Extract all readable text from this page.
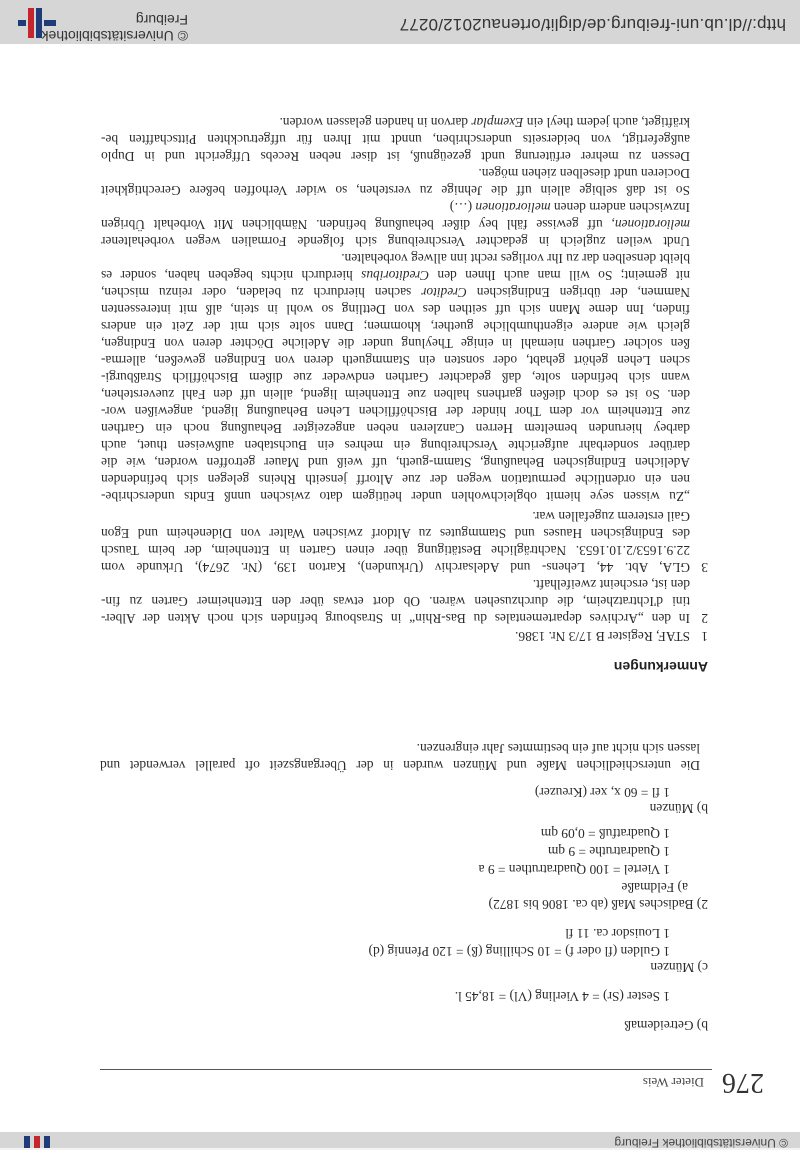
© Universitätsbibliothek Freiburg
276
Dieter Weis
b) Getreidemaß
1 Sester (Sr) = 4 Vierling (Vl) = 18,45 l.
c) Münzen
1 Gulden (fl oder f) = 10 Schilling (ß) = 120 Pfennig (d)
1 Louisdor ca. 11 fl
2) Badisches Maß (ab ca. 1806 bis 1872)
a) Feldmaße
1 Viertel = 100 Quadratruthen = 9 a
1 Quadratruthe = 9 qm
1 Quadratfuß = 0,09 qm
b) Münzen
1 fl = 60 x, xer (Kreuzer)
Die unterschiedlichen Maße und Münzen wurden in der Übergangszeit oft parallel verwendet und
lassen sich nicht auf ein bestimmtes Jahr eingrenzen.
Anmerkungen
1
STAF, Register B 17/3 Nr. 1386.
2
In den „Archives departementales du Bas-Rhin“ in Strasbourg befinden sich noch Akten der Alber-
tini d'Ichtratzheim, die durchzusehen wären. Ob dort etwas über den Ettenheimer Garten zu fin-
den ist, erscheint zweifelhaft.
3
GLA, Abt. 44, Lehens- und Adelsarchiv (Urkunden), Karton 139, (Nr. 2674), Urkunde vom
22.9.1653/2.10.1653. Nachträgliche Bestätigung über einen Garten in Ettenheim, der beim Tausch
des Endingischen Hauses und Stammgutes zu Altdorf zwischen Walter von Dideneheim und Egon
Gail ersterem zugefallen war.
„Zu wissen seye hiemit obgleichwohlen under heütigem dato zwischen unnß Endts underschribe-
nen ein ordentliche permutation wegen der zue Altorff jenseith Rheins gelegen sich befindenden
Adelichen Endingischen Behaußung, Stamm-gueth, uff weiß und Mauer getroffen worden, wie die
darüber sonderbahr aufgerichte Verschreibung ein mehres ein Buchstaben außweisen thuet, auch
darbey hierunden bemeltem Herren Canzleren neben angezeigter Behaußung noch ein Garthen
zue Ettenheim vor dem Thor hinder der Bischöfflichen Lehen Behaußung ligend, angewißen wor-
den. So ist es doch dießen garthens halben zue Ettenheim ligend, allein uff den Fahl zueverstehen,
wann sich befinden solte, daß gedachter Garthen endweder zue dißem Bischöfflich Straßburgi-
schen Lehen gehört gehabt, oder sonsten ein Stammgueth deren von Endingen geweßen, allerma-
ßen solcher Garthen niemahl in einige Theylung under die Adeliche Döchter deren von Endingen,
gleich wie andere eigenthumbliche guether, khommen; Dann solte sich mit der Zeit ein anders
finden, Inn deme Mann sich uff seithen des von Dettling so wohl in stein, alß mit interessenten
Nammen, der übrigen Endingischen Creditor sachen hierdurch zu beladen, oder reinzu mischen,
nit gemeint; So will man auch Ihnen den Creditoribus hierdurch nichts begeben haben, sonder es
bleibt denselben dar zu Ihr vorliges recht inn allweg vorbehalten.
Undt weilen zugleich in gedachter Verschreibung sich folgende Formalien wegen vorbehaltener
meliorationen, uff gewisse fähl bey dißer behaußung befinden. Nämblichen Mit Vorbehalt Übrigen
Inzwischen andern denen meliorationen (…)
So ist daß selbige allein uff die Jehnige zu verstehen, so wider Verhoffen beßere Gerechtigkheit
Docieren undt dieselben ziehen mögen.
Dessen zu mehrer erfüterung undt gezeügnuß, ist diser neben Recebs Uffgericht und in Duplo
außgefertigt, von beiderseits underschriben, unndt mit Ihren für uffgetruckhten Pittschafften be-
kräftiget, auch jedem theyl ein Exemplar darvon in handen gelassen worden.
© Universitätsbibliothek Freiburg	http://dl.ub.uni-freiburg.de/diglit/ortenau2012/0277
